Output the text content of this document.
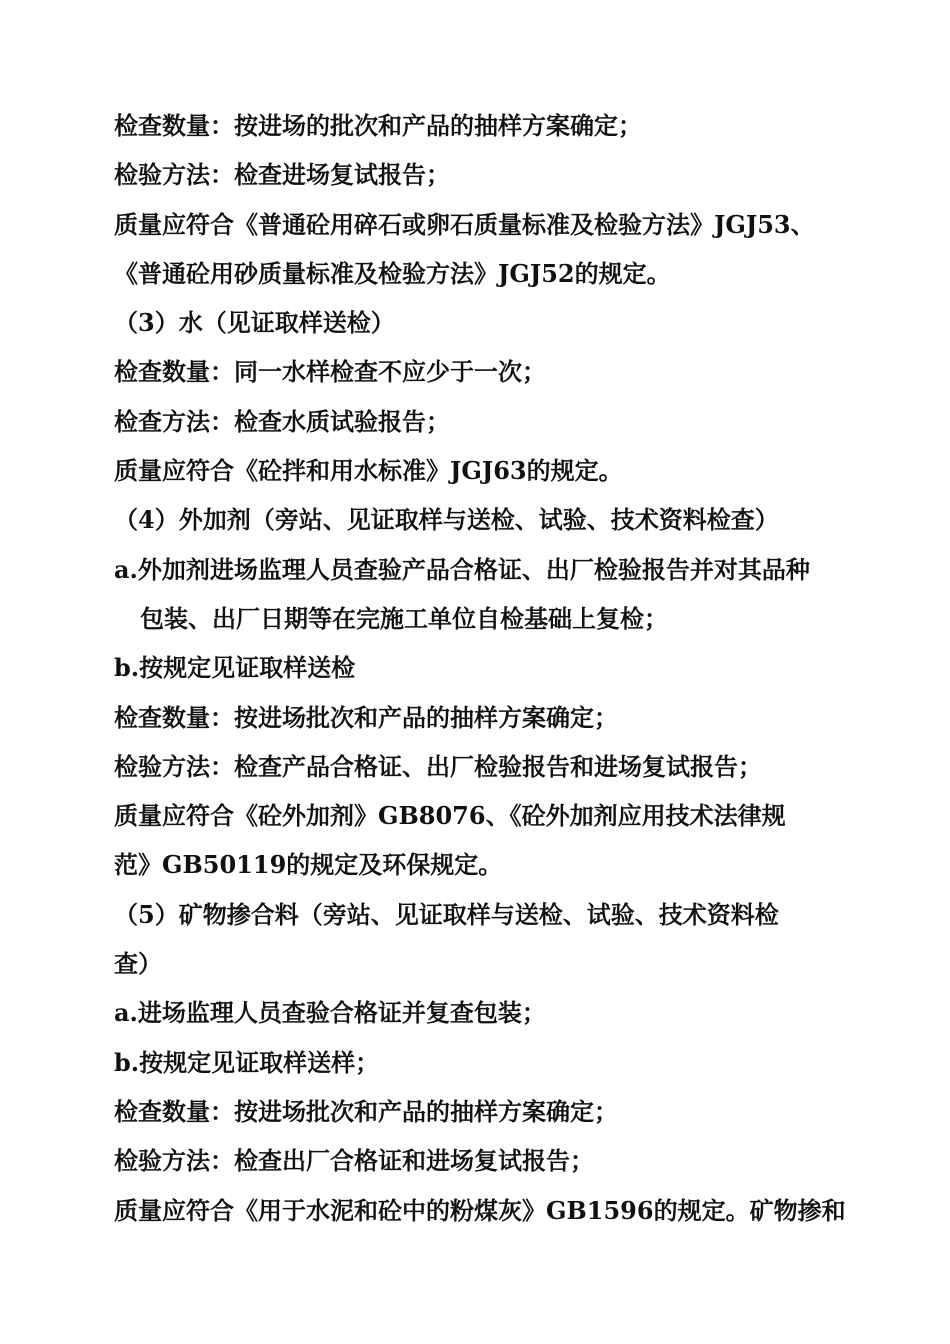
检查数量：按进场的批次和产品的抽样方案确定；
检验方法：检查进场复试报告；
质量应符合《普通砼用碎石或卵石质量标准及检验方法》JGJ53、
《普通砼用砂质量标准及检验方法》JGJ52的规定。
（3）水（见证取样送检）
检查数量：同一水样检查不应少于一次；
检查方法：检查水质试验报告；
质量应符合《砼拌和用水标准》JGJ63的规定。
（4）外加剂（旁站、见证取样与送检、试验、技术资料检查）
a.外加剂进场监理人员查验产品合格证、出厂检验报告并对其品种
包装、出厂日期等在完施工单位自检基础上复检；
b.按规定见证取样送检
检查数量：按进场批次和产品的抽样方案确定；
检验方法：检查产品合格证、出厂检验报告和进场复试报告；
质量应符合《砼外加剂》GB8076、《砼外加剂应用技术法律规
范》GB50119的规定及环保规定。
（5）矿物掺合料（旁站、见证取样与送检、试验、技术资料检
查）
a.进场监理人员查验合格证并复查包装；
b.按规定见证取样送样；
检查数量：按进场批次和产品的抽样方案确定；
检验方法：检查出厂合格证和进场复试报告；
质量应符合《用于水泥和砼中的粉煤灰》GB1596的规定。矿物掺和
